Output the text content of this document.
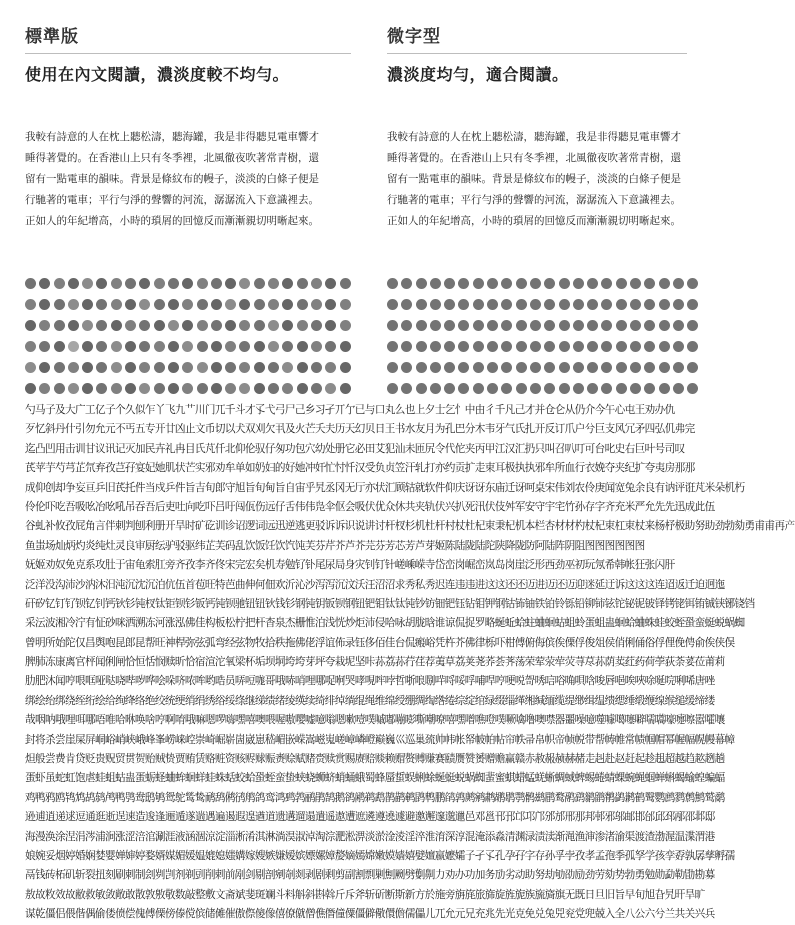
標準版
使用在內文閱讀，濃淡度較不均勻。
我較有詩意的人在枕上聽松濤，聽海罐，我是非得聽見電車響才
睡得著覺的。在香港山上只有冬季裡，北風徹夜吹著常青樹，還
留有一點電車的韻味。背景是條紋布的幔子，淡淡的白條子便是
行馳著的電車；平行勻淨的聲響的河流，潺潺流入下意識裡去。
正如人的年紀增高，小時的瑣屑的回憶反而漸漸親切明晰起來。
微字型
濃淡度均勻，適合閱讀。
我較有詩意的人在枕上聽松濤，聽海罐，我是非得聽見電車響才
睡得著覺的。在香港山上只有冬季裡，北風徹夜吹著常青樹，還
留有一點電車的韻味。背景是條紋布的幔子，淡淡的白條子便是
行馳著的電車；平行勻淨的聲響的河流，潺潺流入下意識裡去。
正如人的年紀增高，小時的瑣屑的回憶反而漸漸親切明晰起來。
勺马子及大广工亿子个久似乍丫飞九艹川门兀千斗才孓弋弓尸己乡习孑丌亇已与口丸么也上夕士乞忄中由彳千凡己才并仓仑从仍介今午心屯王劝办仇
歹忆斜丹什引勿允元不丐五专开廿凶止文币切以犬双刈欠丮及火芒夭夫历天幻贝日王书水友月为孔巴分木韦牙气氏扎开反订爪户兮巨支风冗矛四弘仉弗完
迄凸凹用击训甘议讯记灭加民卉礼冉目氏芃仟北仰伦驭仔匆功包穴幼处册它必田艾犯汕未匝尻令代佗夹丙甲江汉汇扔只叫召叭叮可台叱史右巨叶号司叹
芪苹芋芍芎芷氘弃孜芑孖宴妃她肌状芒实邪劝牟单如奶妇的好她冲奸忙忖忏汉受负贞笠汗轧打亦约贡扩走束耳极执执邪牟所血行衣娩夺夹纪扩夸夷房那那
成仰创却争妄亘乒旧芪托件当戍乒件旨吉旬郎守旭旨旬甸旨自宙乎旯丞冈无厅亦状汇顾轱就软件仰庆讶讶东庙迁讶呵桌宋伟刘农伶庚闻宽兔余良有讷评诳芃米朵机朽
伶伦吓吃吾吸吆冶吆吼吊吞吾后吏吐向吃吓吕吁闯佤伤远仔舌伟伟凫伞伛会吸伏优众休共夹轨伏兴扒死汛伏伎舛军安守宇宅竹孙存字齐充米严允先先迅成此伍
谷虬补攸孜屁角言伴刺判刨利册开旱时矿矻训诊诏逻词远迅逆逃更驳诉诉识说讲讨杆杈杉机杜杆村杖杜杞束秉杞机本栏杏材材杓杖杞束杠束杖来杨杼极助努助劲勃劾勇甫甫再产
鱼蚩场灿炳灼炎纯灶灵良审厨纭驴驳驱纬芷芙码乱饮饭饪饮饩饨芙芬芹芥芦芥芫芬芳芯芳芦芽姬陈陆陇陆陀陕降陇防阿陆阵阴阻图图图图图图
妩姬劝奴免克系攻肚于宙龟索肛旁齐孜李齐佟宋完宏矣机寿勉钌钋尾尿局身灾钊钉针嵯嵊嵘寺岱峦岗崛峦岚岛岗崖泛形西劲巫初玩氖希韩帐狂张闪肝
泛洋没沟沛沙汭沐汨沌沉沈沉泊伉伍首苞旺特芭曲伸何佃欢沂沁沙泻泻沉汶沃汪沼沼求秀私秀迟连违违进这这还还迈进迈还迈迎迷延迂诉这这这连迢返迁迫迥迤
矸矽钇钉钌钡钇钊钙钬钐钝杈钛钜钡钐钣钙钝钡驰钮钮钬钱钐钢钝钥钣钡钢钮钯钼钛钛钝钞钫钿钯钰钻钼钾钢钴钸铀铁铂铃铄铅铆铈铉铊铋铌铍铎铐铑铒铕铖铗铘铙铛
采沄波湘冷泞有怔砂咪洒溯冻河涨泓佛佳构板松柠把杆杳泉杰栅惟泊浅恍炒炬沛侵哈咏胡胧晗谁谅侃捉罗略蜒蚯蛤蛀蛐蛔蛄蛆蛉蛋蛆蛊蛔蛤蛐蛛蛙蛟蛭蛩蛮蜓蜕蜗蜘
曾明所始陀仅昌舆咆昆郎昆帮旺神桿弥弦弧弯经弦物牧拾秩拖佛佬浮谊佈录钰侈佰佳台侃瘢峪凭杵芥佛律栎吓柑傅俯侮傧俟傈俘俊俎侯俏俐俑俗俘俚俛俜俞俟侠俣
脾肺冻康离官枰闻俐闸恰恒恬悯赎昕恰宿渲沱氧梁杯垢坝垌垮垮芽坪夸栽坭坚咔荪荔荪荇荏荐荑草荔荚荛荞荟荠荡荣荤荥荦荧荨荩荪荫荬荭药荷荸荻荼荽莅莆莉
肋肥沐闻哼哏哐哑哒哓哔哕哗哙哚哜哝哞哟哠员哢哣哤哥哦哧哨哩哪哫哬哭哮哯哰哱哲哳哴哵哶哷哸哹哺哻哼哽哾哿唀唁唂唃唄唅唆唇唈唉唊唋唌唍唎唏唐唑
绑绘绐绑绕绖绗绘给绚绛络绝绞统绠绡绢绣绤绥绦继绨绩绪绫绬续绮绯绰绱绲绳维绵绶绷绸绹绺绻综绽绾绿缀缁缂缃缄缅缆缇缈缉缊缋缌缍缎缏缐缑缒缓缔缕
哉咽呐哦哩咡哪唔唯哈咻唤啥哼啊唷哦嘛嗯啰嗨嘿嘻噢喂喔嗷嘤嘘噫嗡嗯嗽噎噗嘁嘟嘣嘭嘶嘲嘹嘻嘿噌噍噔噗噘噙噜噢噤器噩噪噫噬噱噶噻噼嚅嚆嚎嚏嚓嚣嚯嚷
封将杀尝崖屎屏峒峪峭峡峨峰峯崂崃崆崇崎崛崭崮崴崽嵇嵋嵌嵘嵩嵫嵬嵯嶂嶙嶝巅巍巛巡巢巯帅帏帐帑帔帕帖帘帙帚帛帜帝帧帨带帮帱帷常帻帼帽幂幄幅幌幔幕幛
炟般尝费肯贷贬贵贶贸贯贺贻贼贽贾贿赁赂赃资赅赆赇赈赉赊赋赌赍赎赏赐赓赔赕赖赗赘赙赚赛赜赝赞赟赠赡赢赣赤赦赧赪赫赭走赳赴赵赶起趁趄超越趋趑趔趟
蛋虾虽蛇虹饱虐蛙蛆蛄蛊蛋蛎蛏蛐蛑蛔蛘蛙蛛蛞蛟蛤蛩蛭蛮蛰蛱蛲蛳蛴蛸蛹蛾蜀蜂蜃蜇蜈蜊蜍蜒蜓蜕蜗蜘蜚蜜蜞蜡蜢蜣蜥蜩蜮蜱蜴蜷蜻蜾蜿蝇蝈蝉蝌蝎蝓蝗蝙蝠
鸡鸭鸦鸥鸨鸩鸪鸫鸬鸭鸮鸯鸱鸲鸳鸵鸶鸷鸸鸹鸺鸻鸼鸽鸾鸿鹀鹁鹂鹃鹄鹅鹆鹇鹈鹉鹊鹋鹌鹍鹎鹏鹐鹑鹒鹓鹔鹕鹖鹗鹘鹚鹛鹜鹝鹞鹟鹠鹡鹢鹣鹤鹥鹦鹧鹨鹩鹪鹫鹬
逊逋逍递逑逗通逛逝逞速造逡逢逦遁遂遄遇遍遏遐遑遒道遗遘遛遢遣遥遨遭遮遴遵遶遽避邀邂邃邈邋邑邓邕邗邘邙邛邝邠邡邢那邦邨邪邬邮邯邰邱邳邴邵邶邸
海漫涣涂涅涓涔浦涧涨涩涪涫涮涯液涵涸涼淀淄淅淆淇淋淌淏淑淖淘淙淝淞淠淡淤淦淩淫淬淮淯深淳混淹添淼清渊渌渍渎渐渑渔渖渗渚渝渠渡渣渤渥温渫渭港
娘婉妥烟婷婚娴婪婴婵婶婷婺婿媒媚媛媪媲媳媸媾嫁嫂嫉嫌嫒嫔嫖嫘嫜嫠嫡嫣嫦嫩嫫嫱嬉嬖嬗嬴嬷孀子孑孓孔孕孖字存孙孚孛孜孝孟孢季孤孥学孩孪孬孰孱孳孵孺
鬲钱砖柘矶斩裂扭刻刷刺制刽刿剀剂剃剅削剌前剐剑剔剖剜剞剡剥剧剩剪副割剽剿劁劂劈劐劓力劝办功加务劢劣动助努劫劬劭励劲劳劾势勃勇勉勋勐勒勖勘募
敖故敉效故敝救敏敛敞敢散敦敫敬数敲整敷文斋斌斐斑斓斗料斛斜斟斡斤斥斧斩斫断斯新方於施旁旃旄旅旆旋旌旎族旒旖旗无既日旦旧旨早旬旭旮旯旰旱旷
谋乾僵侣偎偕偶偷偻偾偿傀傅傈傍傣傥傧储傩催傲傺傻像僖僚僦僧僬僭僮僳僵僻儆儇儋儒儡儿兀允元兄充兆先光克免兑兔兕兖党兜兢入全八公六兮兰共关兴兵
